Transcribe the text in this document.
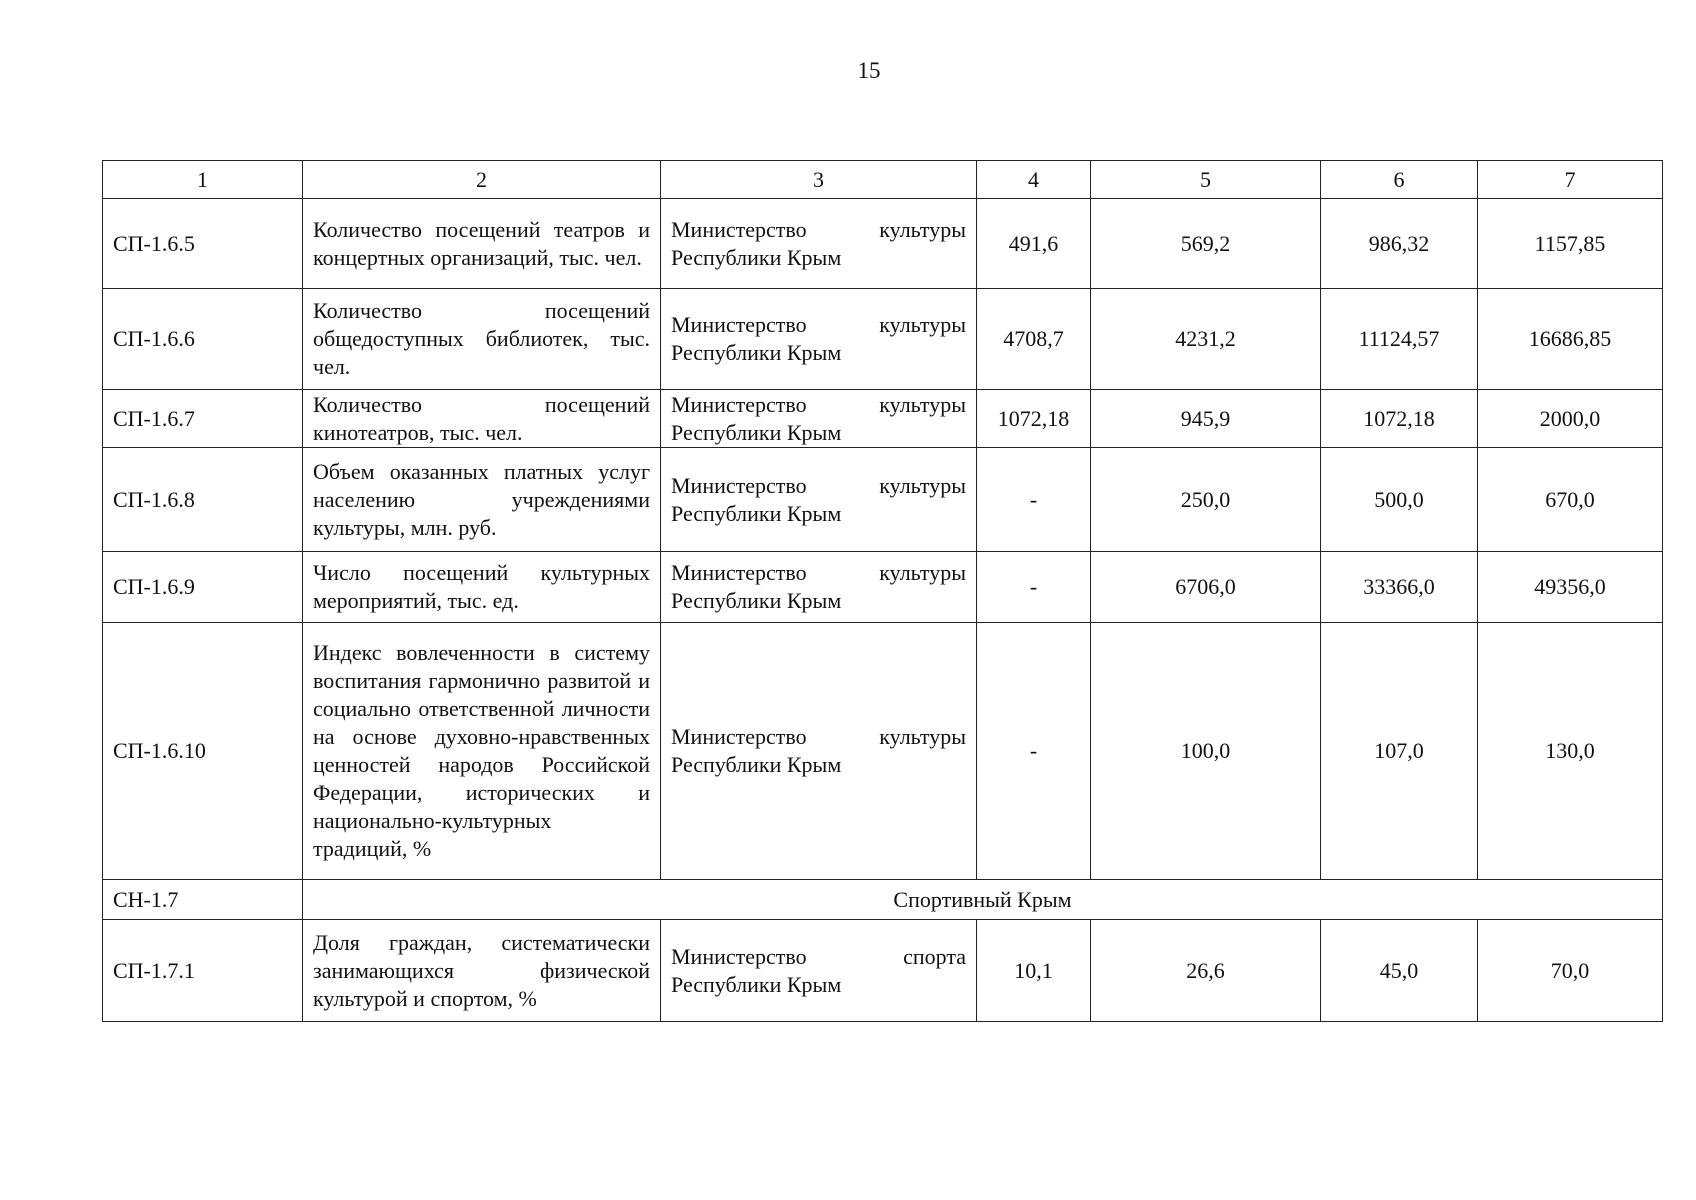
15
1	2	3	4	5	6	7
СП-1.6.5	Количество посещений театров и концертных организаций, тыс. чел.	Министерство культуры Республики Крым	491,6	569,2	986,32	1157,85
СП-1.6.6	Количество посещений общедоступных библиотек, тыс. чел.	Министерство культуры Республики Крым	4708,7	4231,2	11124,57	16686,85
СП-1.6.7	Количество посещений кинотеатров, тыс. чел.	Министерство культуры Республики Крым	1072,18	945,9	1072,18	2000,0
СП-1.6.8	Объем оказанных платных услуг населению учреждениями культуры, млн. руб.	Министерство культуры Республики Крым	-	250,0	500,0	670,0
СП-1.6.9	Число посещений культурных мероприятий, тыс. ед.	Министерство культуры Республики Крым	-	6706,0	33366,0	49356,0
СП-1.6.10	Индекс вовлеченности в систему воспитания гармонично развитой и социально ответственной личности на основе духовно-нравственных ценностей народов Российской Федерации, исторических и национально-культурных традиций, %	Министерство культуры Республики Крым	-	100,0	107,0	130,0
СН-1.7	Спортивный Крым					
СП-1.7.1	Доля граждан, систематически занимающихся физической культурой и спортом, %	Министерство спорта Республики Крым	10,1	26,6	45,0	70,0
